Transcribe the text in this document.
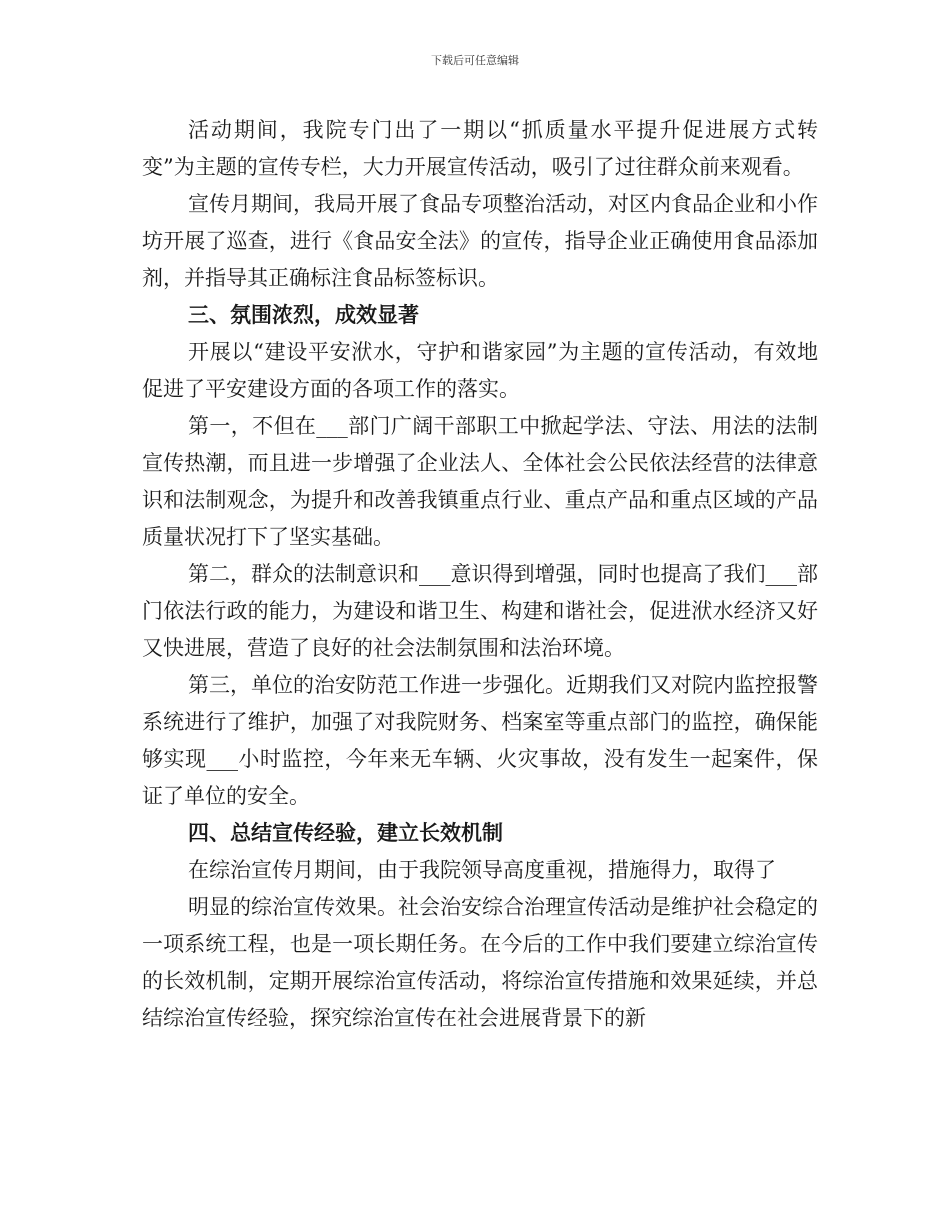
下载后可任意编辑

活动期间，我院专门出了一期以“抓质量水平提升促进展方式转变”为主题的宣传专栏，大力开展宣传活动，吸引了过往群众前来观看。

宣传月期间，我局开展了食品专项整治活动，对区内食品企业和小作坊开展了巡查，进行《食品安全法》的宣传，指导企业正确使用食品添加剂，并指导其正确标注食品标签标识。

三、氛围浓烈，成效显著

开展以“建设平安洑水，守护和谐家园”为主题的宣传活动，有效地促进了平安建设方面的各项工作的落实。

第一，不但在___部门广阔干部职工中掀起学法、守法、用法的法制宣传热潮，而且进一步增强了企业法人、全体社会公民依法经营的法律意识和法制观念，为提升和改善我镇重点行业、重点产品和重点区域的产品质量状况打下了坚实基础。

第二，群众的法制意识和___意识得到增强，同时也提高了我们___部门依法行政的能力，为建设和谐卫生、构建和谐社会，促进洑水经济又好又快进展，营造了良好的社会法制氛围和法治环境。

第三，单位的治安防范工作进一步强化。近期我们又对院内监控报警系统进行了维护，加强了对我院财务、档案室等重点部门的监控，确保能够实现___小时监控，今年来无车辆、火灾事故，没有发生一起案件，保证了单位的安全。

四、总结宣传经验，建立长效机制

在综治宣传月期间，由于我院领导高度重视，措施得力，取得了

明显的综治宣传效果。社会治安综合治理宣传活动是维护社会稳定的一项系统工程，也是一项长期任务。在今后的工作中我们要建立综治宣传的长效机制，定期开展综治宣传活动，将综治宣传措施和效果延续，并总结综治宣传经验，探究综治宣传在社会进展背景下的新
